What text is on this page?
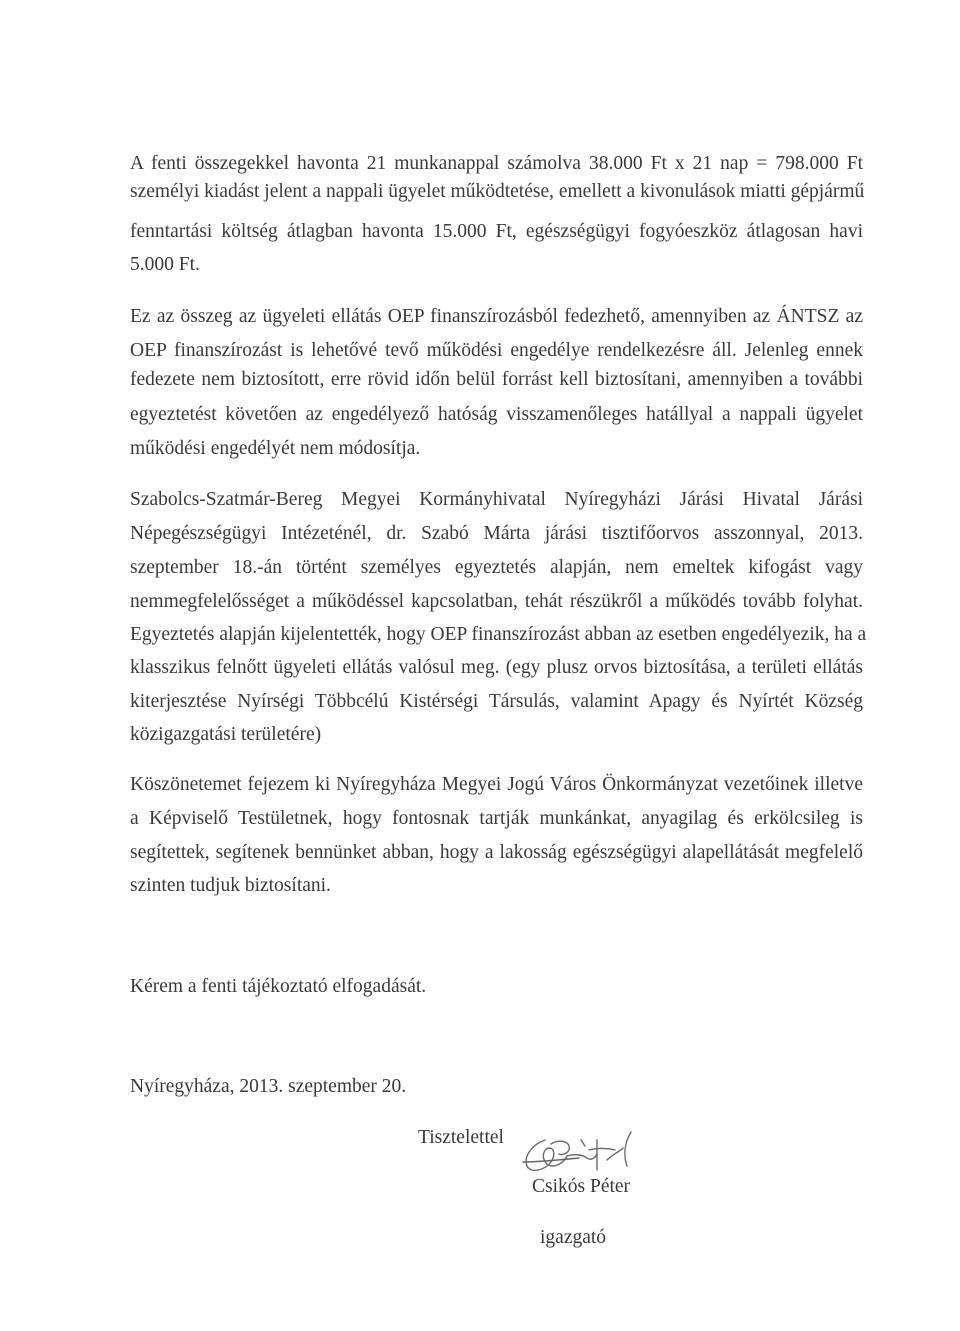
A fenti összegekkel havonta 21 munkanappal számolva 38.000 Ft x 21 nap = 798.000 Ft
személyi kiadást jelent a nappali ügyelet működtetése, emellett a kivonulások miatti gépjármű
fenntartási költség átlagban havonta 15.000 Ft, egészségügyi fogyóeszköz átlagosan havi
5.000 Ft.
Ez az összeg az ügyeleti ellátás OEP finanszírozásból fedezhető, amennyiben az ÁNTSZ az
OEP finanszírozást is lehetővé tevő működési engedélye rendelkezésre áll. Jelenleg ennek
fedezete nem biztosított, erre rövid időn belül forrást kell biztosítani, amennyiben a további
egyeztetést követően az engedélyező hatóság visszamenőleges hatállyal a nappali ügyelet
működési engedélyét nem módosítja.
Szabolcs-Szatmár-Bereg Megyei Kormányhivatal Nyíregyházi Járási Hivatal Járási
Népegészségügyi Intézeténél, dr. Szabó Márta járási tisztifőorvos asszonnyal, 2013.
szeptember 18.-án történt személyes egyeztetés alapján, nem emeltek kifogást vagy
nemmegfelelősséget a működéssel kapcsolatban, tehát részükről a működés tovább folyhat.
Egyeztetés alapján kijelentették, hogy OEP finanszírozást abban az esetben engedélyezik, ha a
klasszikus felnőtt ügyeleti ellátás valósul meg. (egy plusz orvos biztosítása, a területi ellátás
kiterjesztése Nyírségi Többcélú Kistérségi Társulás, valamint Apagy és Nyírtét Község
közigazgatási területére)
Köszönetemet fejezem ki Nyíregyháza Megyei Jogú Város Önkormányzat vezetőinek illetve
a Képviselő Testületnek, hogy fontosnak tartják munkánkat, anyagilag és erkölcsileg is
segítettek, segítenek bennünket abban, hogy a lakosság egészségügyi alapellátását megfelelő
szinten tudjuk biztosítani.
Kérem a fenti tájékoztató elfogadását.
Nyíregyháza, 2013. szeptember 20.
Tisztelettel
Csikós Péter
igazgató
